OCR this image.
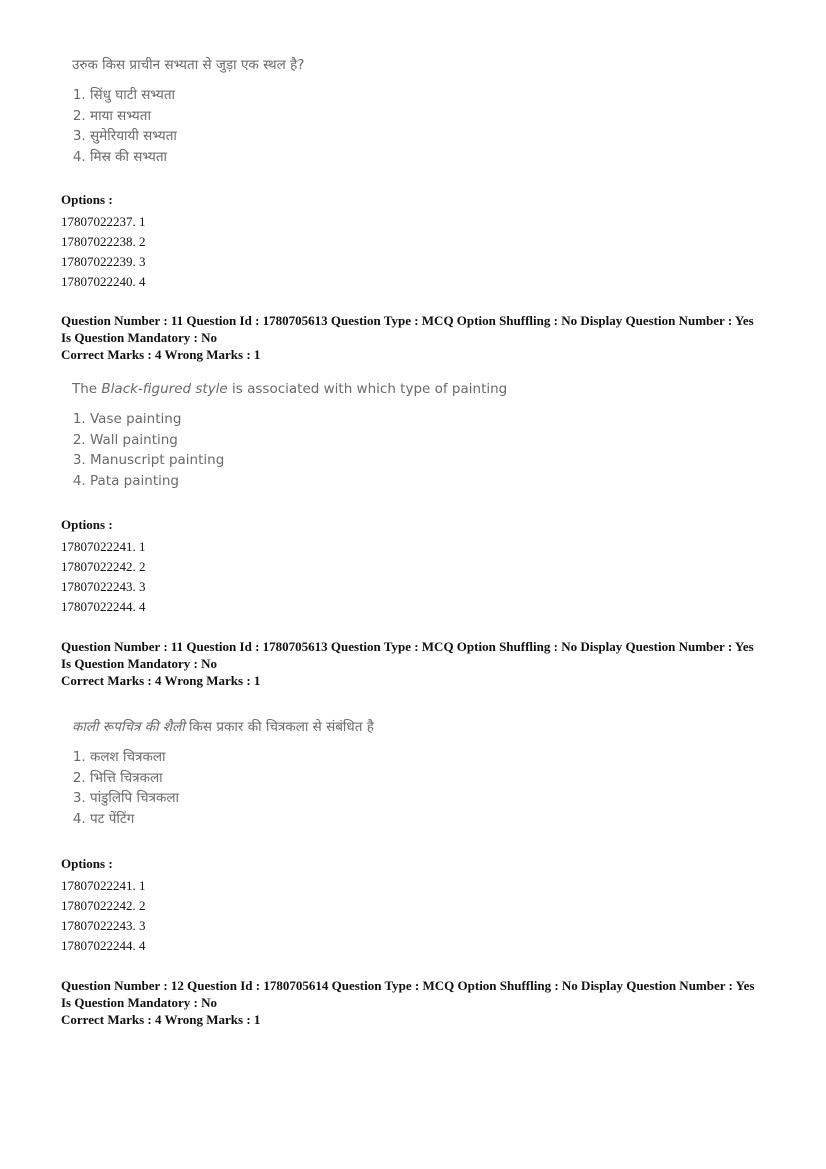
उरुक किस प्राचीन सभ्यता से जुड़ा एक स्थल है?
1. सिंधु घाटी सभ्यता
2. माया सभ्यता
3. सुमेरियायी सभ्यता
4. मिस्र की सभ्यता
Options :
17807022237. 1
17807022238. 2
17807022239. 3
17807022240. 4
Question Number : 11 Question Id : 1780705613 Question Type : MCQ Option Shuffling : No Display Question Number : Yes
Is Question Mandatory : No
Correct Marks : 4 Wrong Marks : 1
The Black-figured style is associated with which type of painting
1. Vase painting
2. Wall painting
3. Manuscript painting
4. Pata painting
Options :
17807022241. 1
17807022242. 2
17807022243. 3
17807022244. 4
Question Number : 11 Question Id : 1780705613 Question Type : MCQ Option Shuffling : No Display Question Number : Yes
Is Question Mandatory : No
Correct Marks : 4 Wrong Marks : 1
काली रूपचित्र की शैली किस प्रकार की चित्रकला से संबंधित है
1. कलश चित्रकला
2. भित्ति चित्रकला
3. पांडुलिपि चित्रकला
4. पट पेंटिंग
Options :
17807022241. 1
17807022242. 2
17807022243. 3
17807022244. 4
Question Number : 12 Question Id : 1780705614 Question Type : MCQ Option Shuffling : No Display Question Number : Yes
Is Question Mandatory : No
Correct Marks : 4 Wrong Marks : 1
